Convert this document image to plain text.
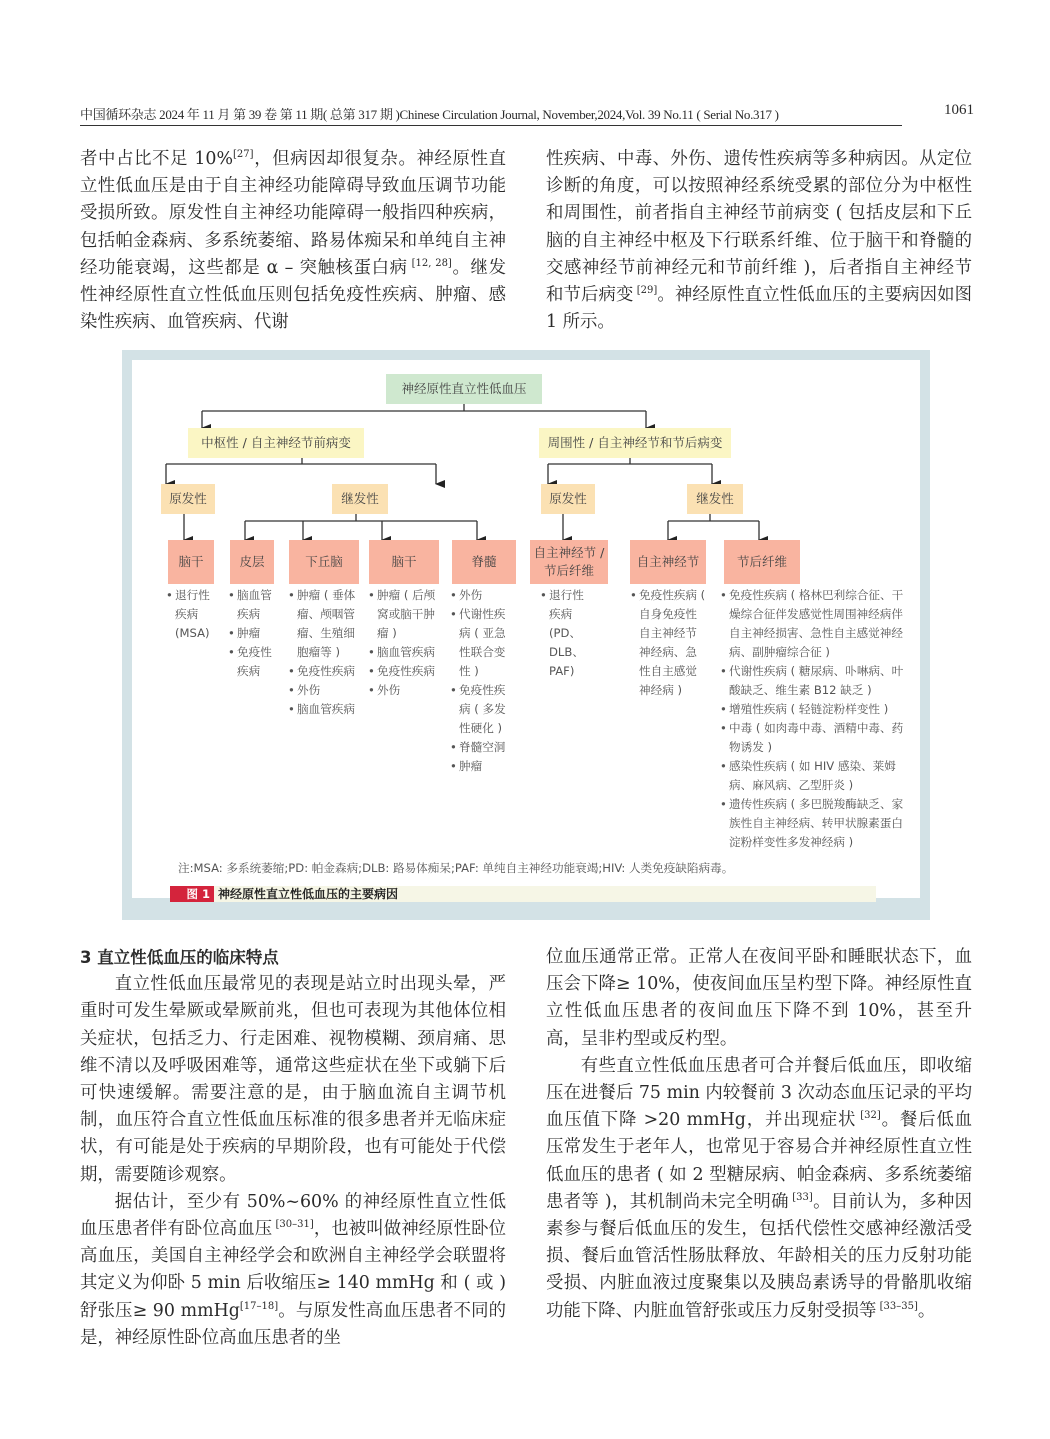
中国循环杂志 2024 年 11 月 第 39 卷 第 11 期( 总第 317 期 )Chinese Circulation Journal, November,2024,Vol. 39 No.11 ( Serial No.317 )	1061

者中占比不足 10%[27]，但病因却很复杂。神经原性直立性低血压是由于自主神经功能障碍导致血压调节功能受损所致。原发性自主神经功能障碍一般指四种疾病，包括帕金森病、多系统萎缩、路易体痴呆和单纯自主神经功能衰竭，这些都是 α – 突触核蛋白病 [12, 28]。继发性神经原性直立性低血压则包括免疫性疾病、肿瘤、感染性疾病、血管疾病、代谢

性疾病、中毒、外伤、遗传性疾病等多种病因。从定位诊断的角度，可以按照神经系统受累的部位分为中枢性和周围性，前者指自主神经节前病变 ( 包括皮层和下丘脑的自主神经中枢及下行联系纤维、位于脑干和脊髓的交感神经节前神经元和节前纤维 )，后者指自主神经节和节后病变 [29]。神经原性直立性低血压的主要病因如图 1 所示。

神经原性直立性低血压
中枢性 / 自主神经节前病变	周围性 / 自主神经节和节后病变
原发性	继发性	原发性	继发性
脑干	皮层	下丘脑	脑干	脊髓
自主神经节 / 节后纤维
自主神经节	节后纤维
• 退行性疾病 (MSA)
• 脑血管疾病
• 肿瘤
• 免疫性疾病
• 肿瘤 ( 垂体瘤、颅咽管瘤、生殖细胞瘤等 )
• 免疫性疾病
• 外伤
• 脑血管疾病
• 肿瘤 ( 后颅窝或脑干肿瘤 )
• 脑血管疾病
• 免疫性疾病
• 外伤
• 外伤
• 代谢性疾病 ( 亚急性联合变性 )
• 免疫性疾病 ( 多发性硬化 )
• 脊髓空洞
• 肿瘤
• 退行性疾病 (PD、DLB、PAF)
• 免疫性疾病 ( 自身免疫性自主神经节神经病、急性自主感觉神经病 )
• 免疫性疾病 ( 格林巴利综合征、干燥综合征伴发感觉性周围神经病伴自主神经损害、急性自主感觉神经病、副肿瘤综合征 )
• 代谢性疾病 ( 糖尿病、卟啉病、叶酸缺乏、维生素 B12 缺乏 )
• 增殖性疾病 ( 轻链淀粉样变性 )
• 中毒 ( 如肉毒中毒、酒精中毒、药物诱发 )
• 感染性疾病 ( 如 HIV 感染、莱姆病、麻风病、乙型肝炎 )
• 遗传性疾病 ( 多巴脱羧酶缺乏、家族性自主神经病、转甲状腺素蛋白淀粉样变性多发神经病 )
注:MSA: 多系统萎缩;PD: 帕金森病;DLB: 路易体痴呆;PAF: 单纯自主神经功能衰竭;HIV: 人类免疫缺陷病毒。
图 1 神经原性直立性低血压的主要病因

3 直立性低血压的临床特点

直立性低血压最常见的表现是站立时出现头晕，严重时可发生晕厥或晕厥前兆，但也可表现为其他体位相关症状，包括乏力、行走困难、视物模糊、颈肩痛、思维不清以及呼吸困难等，通常这些症状在坐下或躺下后可快速缓解。需要注意的是，由于脑血流自主调节机制，血压符合直立性低血压标准的很多患者并无临床症状，有可能是处于疾病的早期阶段，也有可能处于代偿期，需要随诊观察。

据估计，至少有 50%~60% 的神经原性直立性低血压患者伴有卧位高血压 [30–31]，也被叫做神经原性卧位高血压，美国自主神经学会和欧洲自主神经学会联盟将其定义为仰卧 5 min 后收缩压≥ 140 mmHg 和 ( 或 ) 舒张压≥ 90 mmHg[17–18]。与原发性高血压患者不同的是，神经原性卧位高血压患者的坐

位血压通常正常。正常人在夜间平卧和睡眠状态下，血压会下降≥ 10%，使夜间血压呈杓型下降。神经原性直立性低血压患者的夜间血压下降不到 10%，甚至升高，呈非杓型或反杓型。

有些直立性低血压患者可合并餐后低血压，即收缩压在进餐后 75 min 内较餐前 3 次动态血压记录的平均血压值下降 >20 mmHg，并出现症状 [32]。餐后低血压常发生于老年人，也常见于容易合并神经原性直立性低血压的患者 ( 如 2 型糖尿病、帕金森病、多系统萎缩患者等 )，其机制尚未完全明确 [33]。目前认为，多种因素参与餐后低血压的发生，包括代偿性交感神经激活受损、餐后血管活性肠肽释放、年龄相关的压力反射功能受损、内脏血液过度聚集以及胰岛素诱导的骨骼肌收缩功能下降、内脏血管舒张或压力反射受损等 [33–35]。
